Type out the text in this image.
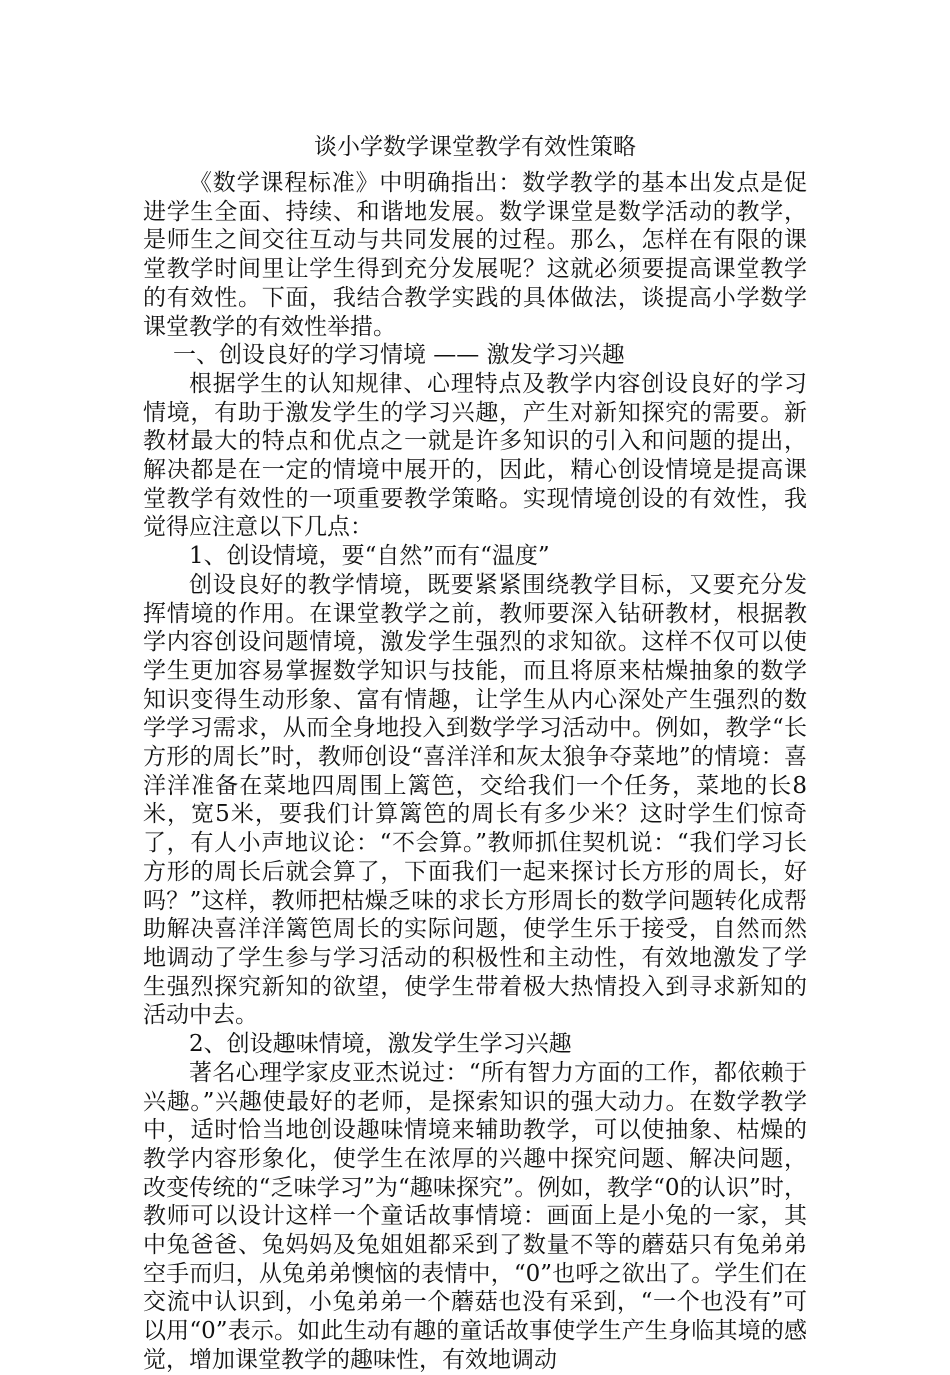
谈小学数学课堂教学有效性策略

《数学课程标准》中明确指出：数学教学的基本出发点是促进学生全面、持续、和谐地发展。数学课堂是数学活动的教学，是师生之间交往互动与共同发展的过程。那么，怎样在有限的课堂教学时间里让学生得到充分发展呢？这就必须要提高课堂教学的有效性。下面，我结合教学实践的具体做法，谈提高小学数学课堂教学的有效性举措。

一、创设良好的学习情境 —— 激发学习兴趣

根据学生的认知规律、心理特点及教学内容创设良好的学习情境，有助于激发学生的学习兴趣，产生对新知探究的需要。新教材最大的特点和优点之一就是许多知识的引入和问题的提出，解决都是在一定的情境中展开的，因此，精心创设情境是提高课堂教学有效性的一项重要教学策略。实现情境创设的有效性，我觉得应注意以下几点：

1、创设情境，要“自然”而有“温度”

创设良好的教学情境，既要紧紧围绕教学目标，又要充分发挥情境的作用。在课堂教学之前，教师要深入钻研教材，根据教学内容创设问题情境，激发学生强烈的求知欲。这样不仅可以使学生更加容易掌握数学知识与技能，而且将原来枯燥抽象的数学知识变得生动形象、富有情趣，让学生从内心深处产生强烈的数学学习需求，从而全身地投入到数学学习活动中。例如，教学“长方形的周长”时，教师创设“喜洋洋和灰太狼争夺菜地”的情境：喜洋洋准备在菜地四周围上篱笆，交给我们一个任务，菜地的长8米，宽5米，要我们计算篱笆的周长有多少米？这时学生们惊奇了，有人小声地议论：“不会算。”教师抓住契机说：“我们学习长方形的周长后就会算了，下面我们一起来探讨长方形的周长，好吗？”这样，教师把枯燥乏味的求长方形周长的数学问题转化成帮助解决喜洋洋篱笆周长的实际问题，使学生乐于接受，自然而然地调动了学生参与学习活动的积极性和主动性，有效地激发了学生强烈探究新知的欲望，使学生带着极大热情投入到寻求新知的活动中去。

2、创设趣味情境，激发学生学习兴趣

著名心理学家皮亚杰说过：“所有智力方面的工作，都依赖于兴趣。”兴趣使最好的老师，是探索知识的强大动力。在数学教学中，适时恰当地创设趣味情境来辅助教学，可以使抽象、枯燥的教学内容形象化，使学生在浓厚的兴趣中探究问题、解决问题，改变传统的“乏味学习”为“趣味探究”。例如，教学“0的认识”时，教师可以设计这样一个童话故事情境：画面上是小兔的一家，其中兔爸爸、兔妈妈及兔姐姐都采到了数量不等的蘑菇只有兔弟弟空手而归，从兔弟弟懊恼的表情中，“0”也呼之欲出了。学生们在交流中认识到，小兔弟弟一个蘑菇也没有采到，“一个也没有”可以用“0”表示。如此生动有趣的童话故事使学生产生身临其境的感觉，增加课堂教学的趣味性，有效地调动
